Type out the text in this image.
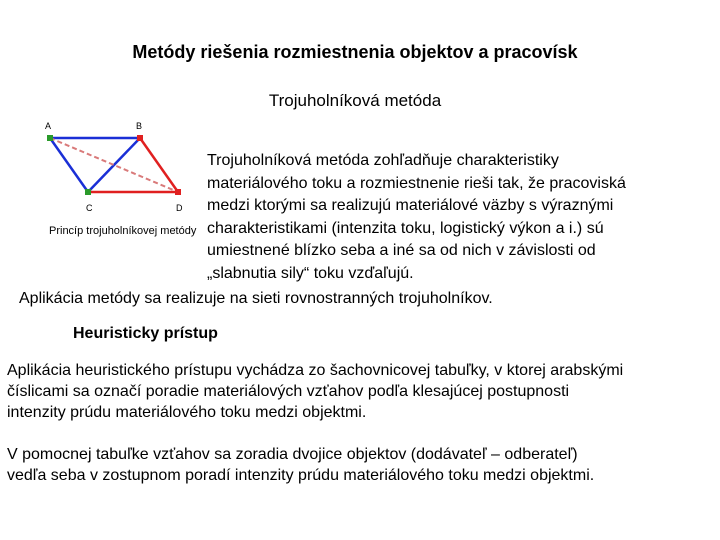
Metódy riešenia rozmiestnenia objektov a pracovísk
Trojuholníková metóda
A	B
C	D
Princíp trojuholníkovej metódy

Trojuholníková metóda zohľadňuje charakteristiky

materiálového toku a rozmiestnenie rieši tak, že pracoviská

medzi ktorými sa realizujú materiálové väzby s výraznými

charakteristikami (intenzita toku, logistický výkon a i.) sú

umiestnené blízko seba a iné sa od nich v závislosti od

„slabnutia sily“ toku vzďaľujú.

Aplikácia metódy sa realizuje na sieti rovnostranných trojuholníkov.
Heuristicky prístup

Aplikácia heuristického prístupu vychádza zo šachovnicovej tabuľky, v ktorej arabskými

číslicami sa označí poradie materiálových vzťahov podľa klesajúcej postupnosti

intenzity prúdu materiálového toku medzi objektmi.

V pomocnej tabuľke vzťahov sa zoradia dvojice objektov (dodávateľ – odberateľ)

vedľa seba v zostupnom poradí intenzity prúdu materiálového toku medzi objektmi.
